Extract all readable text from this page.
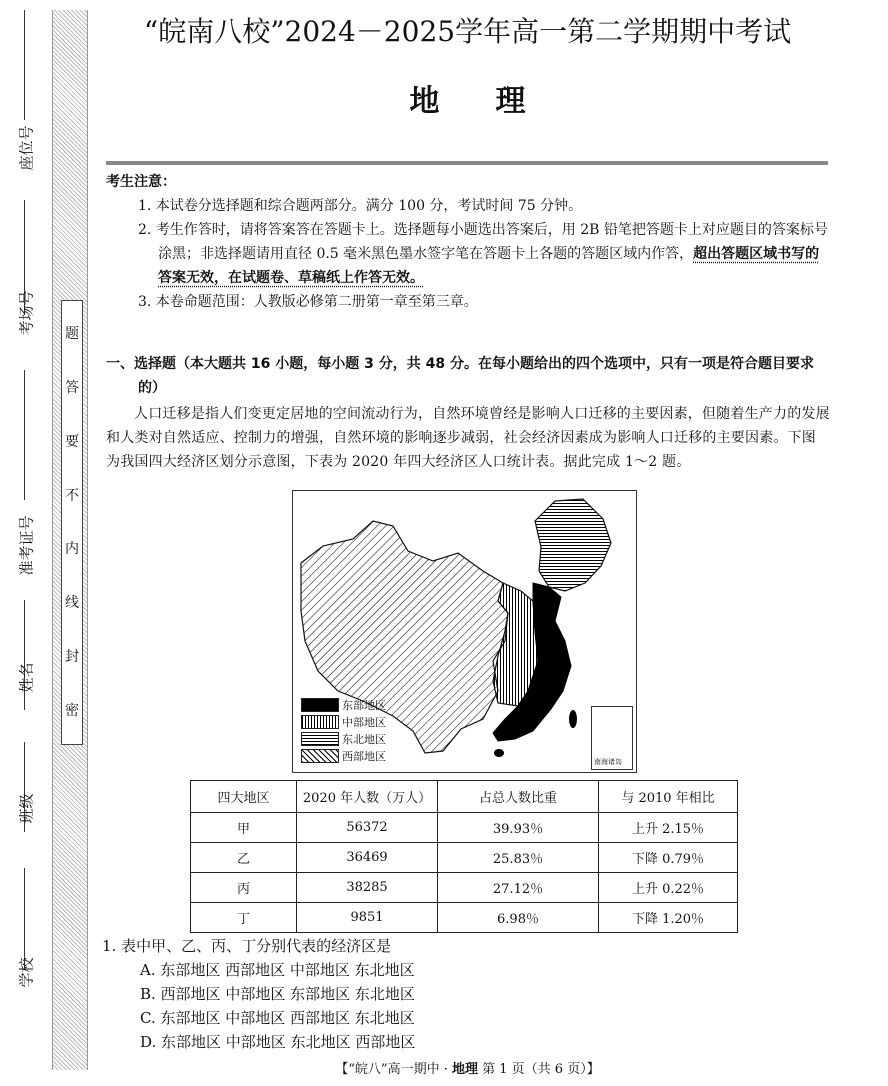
题
答
要
不
内
线
封
密
座位号
考场号
准考证号
姓名
班级
学校
“皖南八校”2024－2025学年高一第二学期期中考试
地理
考生注意：
1. 本试卷分选择题和综合题两部分。满分 100 分，考试时间 75 分钟。
2. 考生作答时，请将答案答在答题卡上。选择题每小题选出答案后，用 2B 铅笔把答题卡上对应题目的答案标号涂黑；非选择题请用直径 0.5 毫米黑色墨水签字笔在答题卡上各题的答题区域内作答，超出答题区域书写的答案无效，在试题卷、草稿纸上作答无效。
3. 本卷命题范围：人教版必修第二册第一章至第三章。
一、选择题（本大题共 16 小题，每小题 3 分，共 48 分。在每小题给出的四个选项中，只有一项是符合题目要求的）
人口迁移是指人们变更定居地的空间流动行为，自然环境曾经是影响人口迁移的主要因素，但随着生产力的发展和人类对自然适应、控制力的增强，自然环境的影响逐步减弱，社会经济因素成为影响人口迁移的主要因素。下图为我国四大经济区划分示意图，下表为 2020 年四大经济区人口统计表。据此完成 1～2 题。
东部地区
中部地区
东北地区
西部地区	南海诸岛
四大地区	2020 年人数（万人）	占总人数比重	与 2010 年相比
甲	56372	39.93％	上升 2.15％
乙	36469	25.83％	下降 0.79％
丙	38285	27.12％	上升 0.22％
丁	9851	6.98％	下降 1.20％
1. 表中甲、乙、丙、丁分别代表的经济区是
A. 东部地区 西部地区 中部地区 东北地区
B. 西部地区 中部地区 东部地区 东北地区
C. 东部地区 中部地区 西部地区 东北地区
D. 东部地区 中部地区 东北地区 西部地区
【“皖八”高一期中 · 地理 第 1 页（共 6 页）】
